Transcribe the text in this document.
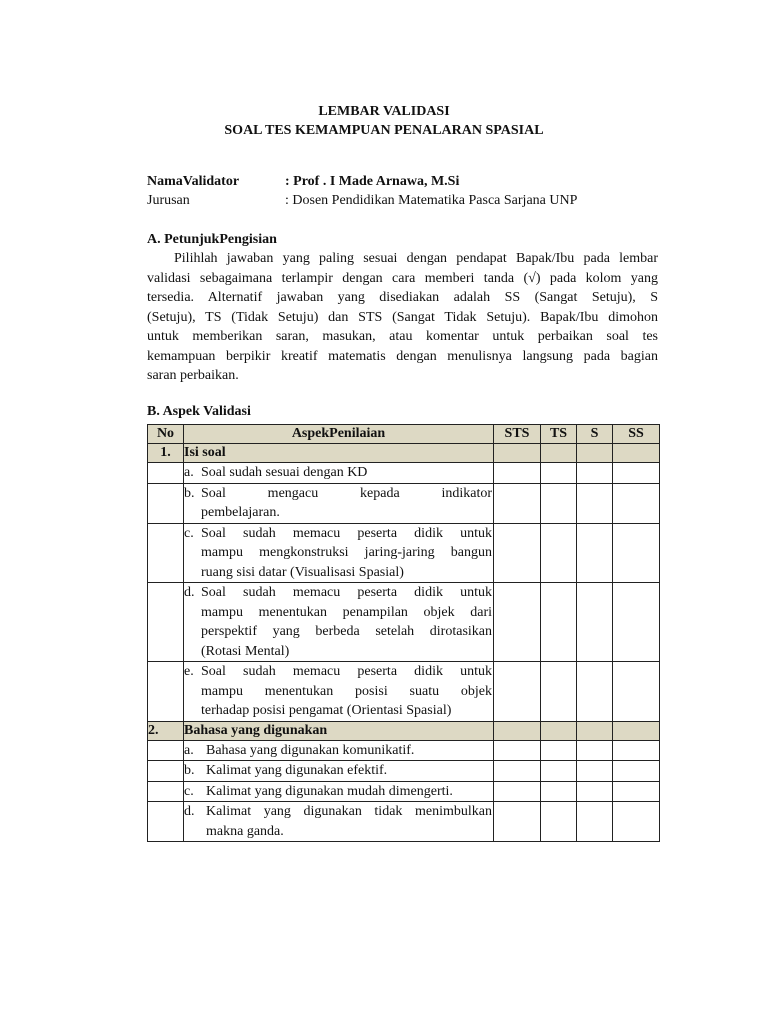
LEMBAR VALIDASI
SOAL TES KEMAMPUAN PENALARAN SPASIAL
NamaValidator	: Prof . I Made Arnawa, M.Si
Jurusan	: Dosen Pendidikan Matematika Pasca Sarjana UNP
A. PetunjukPengisian

Pilihlah jawaban yang paling sesuai dengan pendapat Bapak/Ibu pada lembar
validasi sebagaimana terlampir dengan cara memberi tanda (√) pada kolom yang
tersedia. Alternatif jawaban yang disediakan adalah SS (Sangat Setuju), S
(Setuju), TS (Tidak Setuju) dan STS (Sangat Tidak Setuju). Bapak/Ibu dimohon
untuk memberikan saran, masukan, atau komentar untuk perbaikan soal tes
kemampuan berpikir kreatif matematis dengan menulisnya langsung pada bagian
saran perbaikan.

B. Aspek Validasi
No	AspekPenilaian	STS	TS	S	SS
1.	Isi soal				

	a. Soal sudah sesuai dengan KD				

	b. Soal mengacu kepada indikator
pembelajaran.				

	c. Soal sudah memacu peserta didik untuk
mampu mengkonstruksi jaring-jaring bangun
ruang sisi datar (Visualisasi Spasial)				

	d. Soal sudah memacu peserta didik untuk
mampu menentukan penampilan objek dari
perspektif yang berbeda setelah dirotasikan
(Rotasi Mental)				

	e. Soal sudah memacu peserta didik untuk
mampu menentukan posisi suatu objek
terhadap posisi pengamat (Orientasi Spasial)				

2.	Bahasa yang digunakan				

	a. Bahasa yang digunakan komunikatif.				

	b. Kalimat yang digunakan efektif.				

	c. Kalimat yang digunakan mudah dimengerti.				

	d. Kalimat yang digunakan tidak menimbulkan
makna ganda.				
